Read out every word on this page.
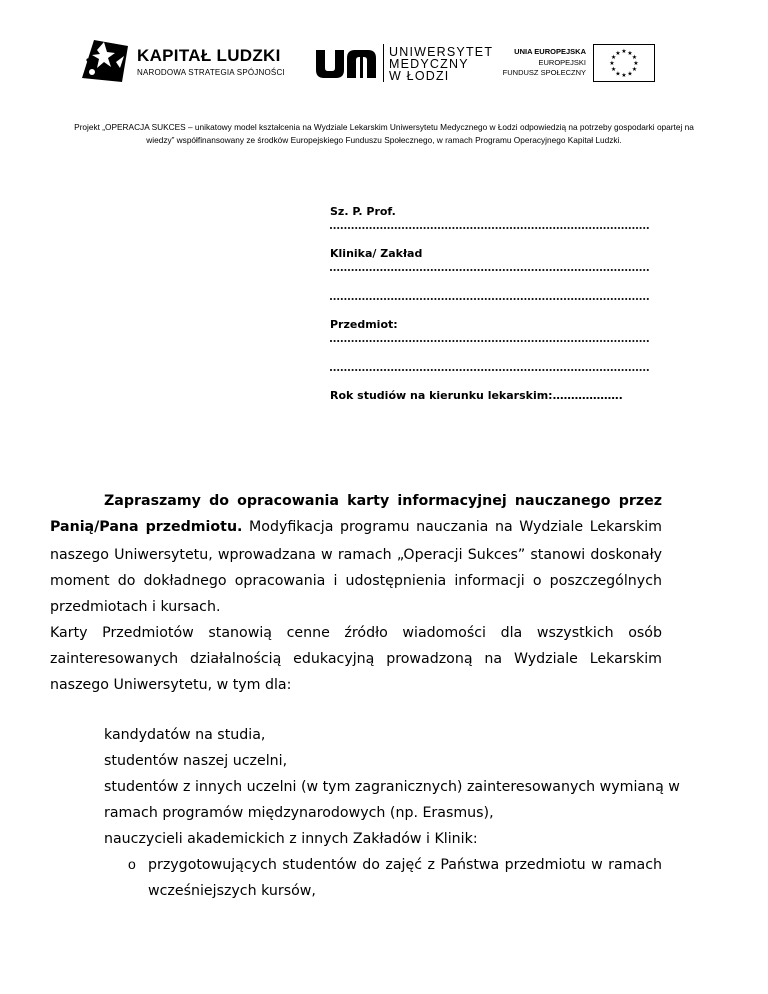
KAPITAŁ LUDZKI
NARODOWA STRATEGIA SPÓJNOŚCI
UNIWERSYTET
MEDYCZNY
W ŁODZI
UNIA EUROPEJSKA
EUROPEJSKI
FUNDUSZ SPOŁECZNY
★ ★
★
★
★
★
★
★
★
★
★
★
Projekt „OPERACJA SUKCES – unikatowy model kształcenia na Wydziale Lekarskim Uniwersytetu Medycznego w Łodzi odpowiedzią na potrzeby gospodarki opartej na wiedzy” współfinansowany ze środków Europejskiego Funduszu Społecznego, w ramach Programu Operacyjnego Kapitał Ludzki.
Sz. P. Prof.
Klinika/ Zakład
Przedmiot:
Rok studiów na kierunku lekarskim:……………….
Zapraszamy do opracowania karty informacyjnej nauczanego przez
Panią/Pana przedmiotu. Modyfikacja programu nauczania na Wydziale Lekarskim
naszego Uniwersytetu, wprowadzana w ramach „Operacji Sukces” stanowi doskonały
moment do dokładnego opracowania i udostępnienia informacji o poszczególnych
przedmiotach i kursach.
Karty Przedmiotów stanowią cenne źródło wiadomości dla wszystkich osób
zainteresowanych działalnością edukacyjną prowadzoną na Wydziale Lekarskim
naszego Uniwersytetu, w tym dla:
kandydatów na studia,
studentów naszej uczelni,
studentów z innych uczelni (w tym zagranicznych) zainteresowanych wymianą w
ramach programów międzynarodowych (np. Erasmus),
nauczycieli akademickich z innych Zakładów i Klinik:
o przygotowujących studentów do zajęć z Państwa przedmiotu w ramach
wcześniejszych kursów,
